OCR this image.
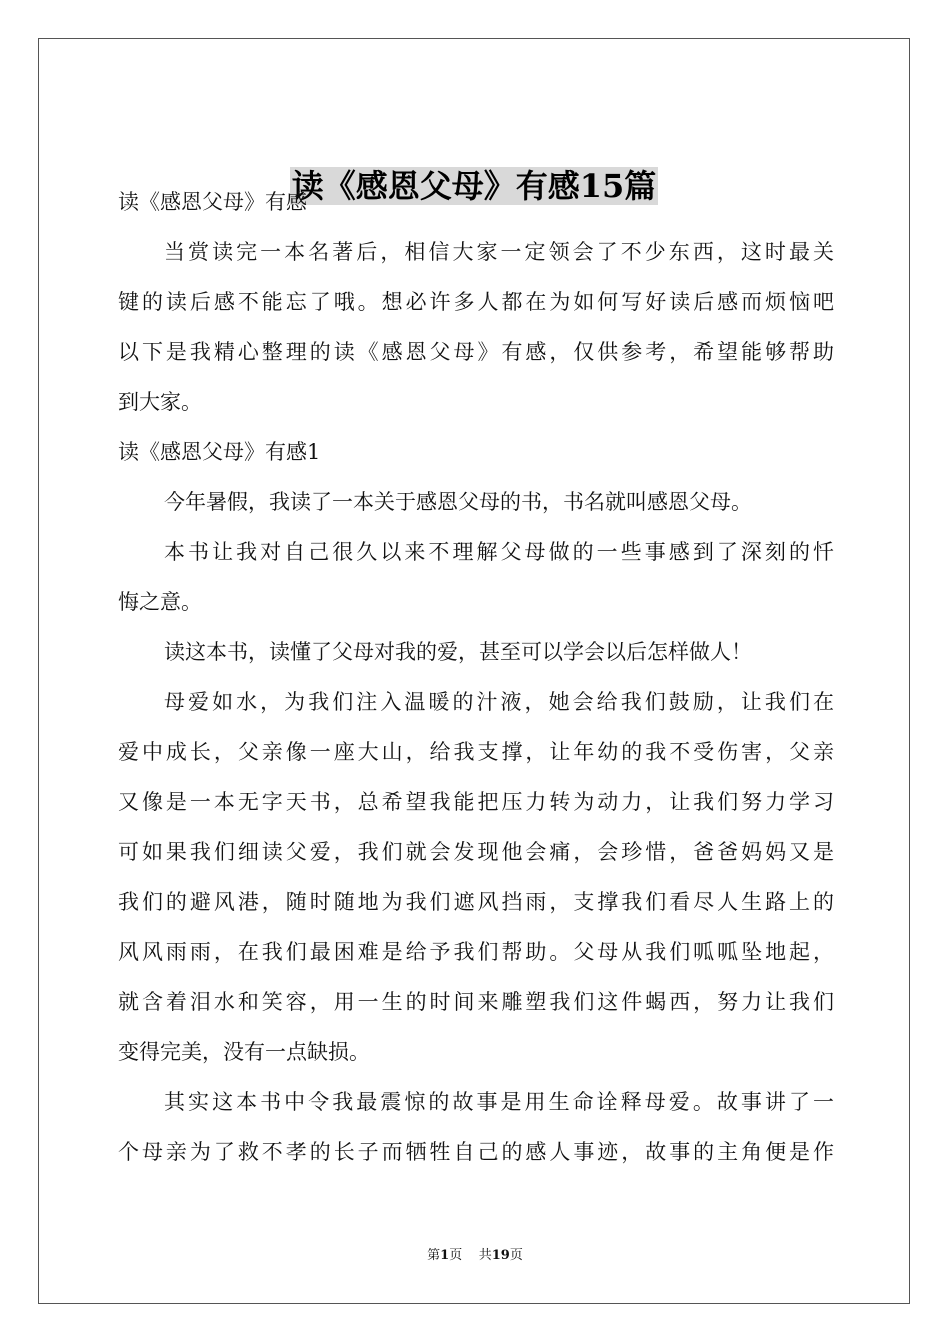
读《感恩父母》有感15篇

读《感恩父母》有感

当赏读完一本名著后，相信大家一定领会了不少东西，这时最关
键的读后感不能忘了哦。想必许多人都在为如何写好读后感而烦恼吧
以下是我精心整理的读《感恩父母》有感，仅供参考，希望能够帮助
到大家。

读《感恩父母》有感1

今年暑假，我读了一本关于感恩父母的书，书名就叫感恩父母。
本书让我对自己很久以来不理解父母做的一些事感到了深刻的忏
悔之意。
读这本书，读懂了父母对我的爱，甚至可以学会以后怎样做人！
母爱如水，为我们注入温暖的汁液，她会给我们鼓励，让我们在
爱中成长，父亲像一座大山，给我支撑，让年幼的我不受伤害，父亲
又像是一本无字天书，总希望我能把压力转为动力，让我们努力学习
可如果我们细读父爱，我们就会发现他会痛，会珍惜，爸爸妈妈又是
我们的避风港，随时随地为我们遮风挡雨，支撑我们看尽人生路上的
风风雨雨，在我们最困难是给予我们帮助。父母从我们呱呱坠地起，
就含着泪水和笑容，用一生的时间来雕塑我们这件蝎西，努力让我们
变得完美，没有一点缺损。
其实这本书中令我最震惊的故事是用生命诠释母爱。故事讲了一
个母亲为了救不孝的长子而牺牲自己的感人事迹，故事的主角便是作
第1页 共19页
